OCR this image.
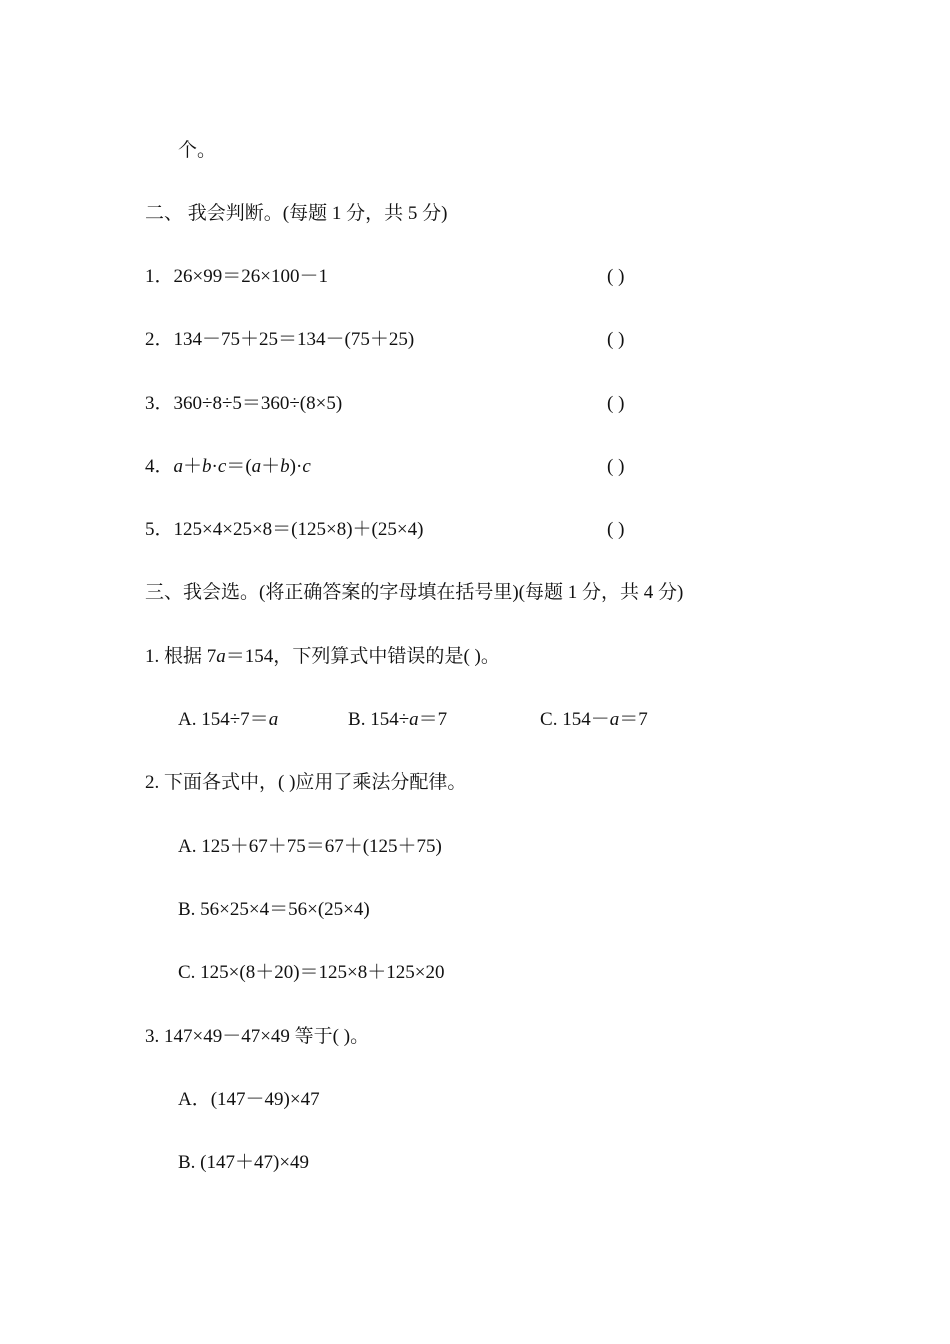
个。
二、 我会判断。(每题 1 分，共 5 分)
1．26×99＝26×100－1	( )
2．134－75＋25＝134－(75＋25)	( )
3．360÷8÷5＝360÷(8×5)	( )
4．a＋b·c＝(a＋b)·c	( )
5．125×4×25×8＝(125×8)＋(25×4)	( )
三、我会选。(将正确答案的字母填在括号里)(每题 1 分，共 4 分)
1. 根据 7a＝154，下列算式中错误的是( )。
A. 154÷7＝a	B. 154÷a＝7	C. 154－a＝7
2. 下面各式中，( )应用了乘法分配律。
A. 125＋67＋75＝67＋(125＋75)
B. 56×25×4＝56×(25×4)
C. 125×(8＋20)＝125×8＋125×20
3. 147×49－47×49 等于( )。
A．(147－49)×47
B. (147＋47)×49
